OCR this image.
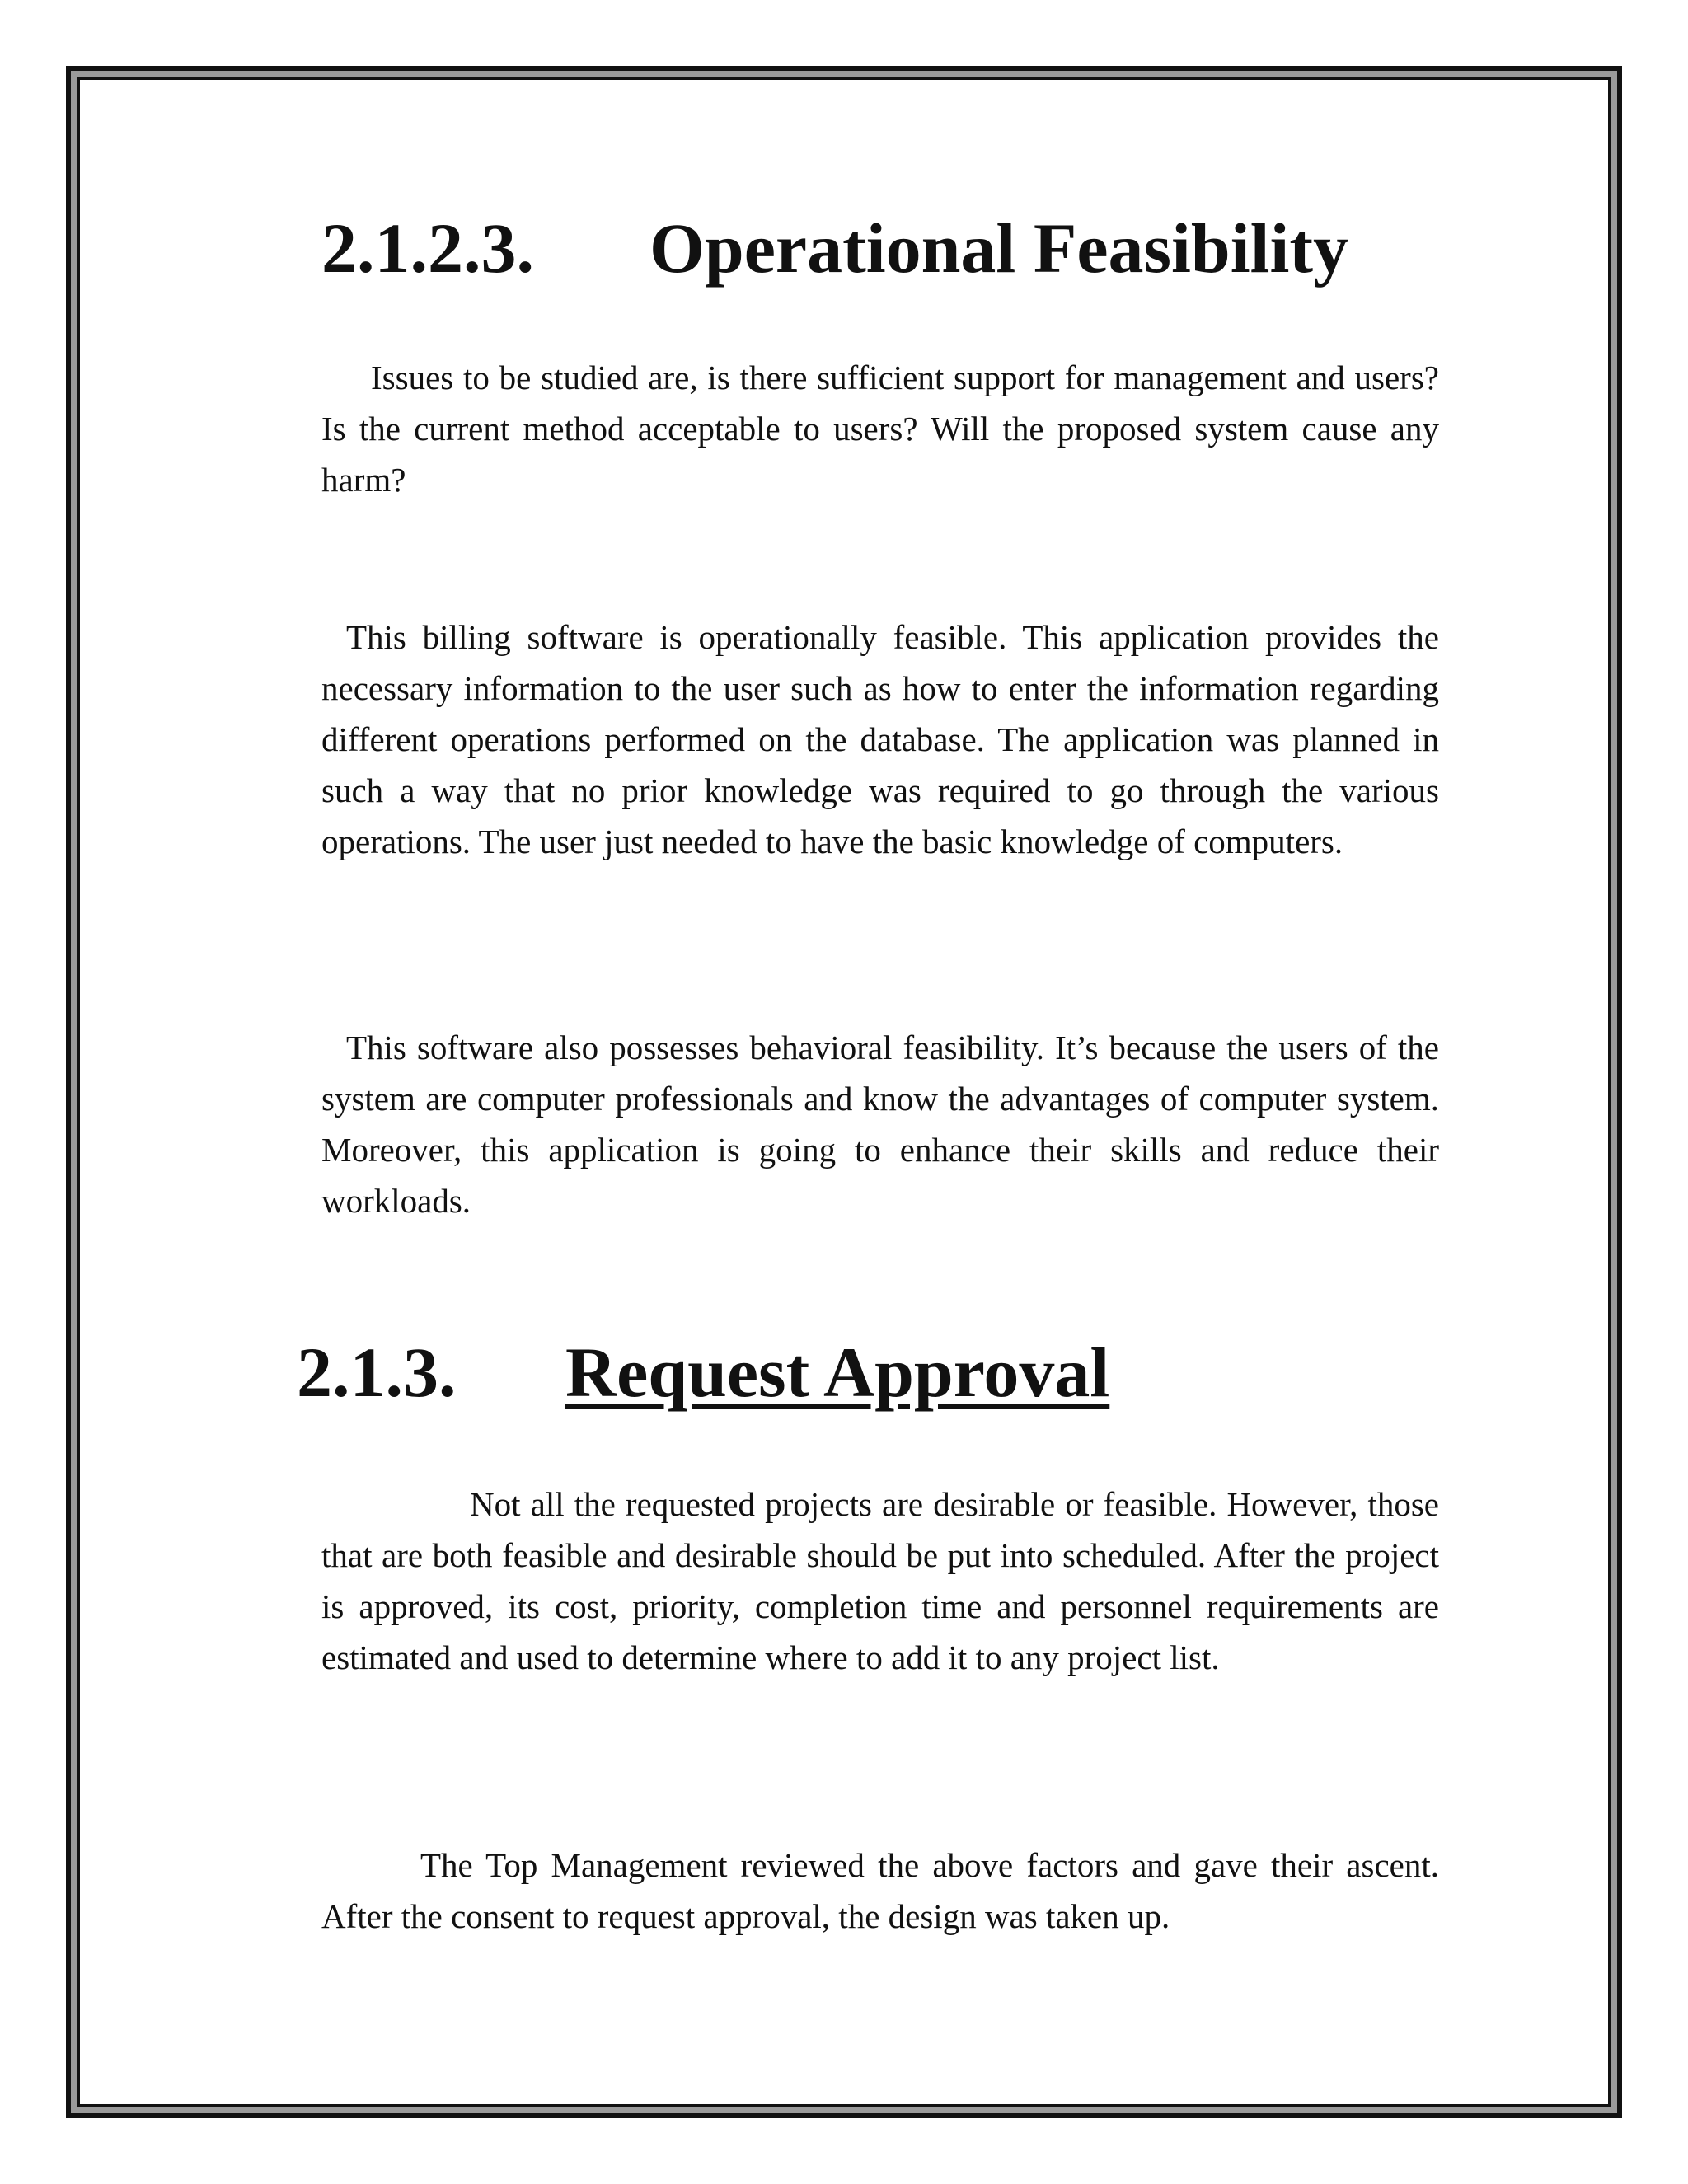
2.1.2.3. Operational Feasibility

Issues to be studied are, is there sufficient support for management and users? Is the current method acceptable to users? Will the proposed system cause any harm?

This billing software is operationally feasible. This application provides the necessary information to the user such as how to enter the information regarding different operations performed on the database. The application was planned in such a way that no prior knowledge was required to go through the various operations. The user just needed to have the basic knowledge of computers.

This software also possesses behavioral feasibility. It’s because the users of the system are computer professionals and know the advantages of computer system. Moreover, this application is going to enhance their skills and reduce their workloads.

2.1.3. Request Approval

Not all the requested projects are desirable or feasible. However, those that are both feasible and desirable should be put into scheduled. After the project is approved, its cost, priority, completion time and personnel requirements are estimated and used to determine where to add it to any project list.

The Top Management reviewed the above factors and gave their ascent. After the consent to request approval, the design was taken up.
